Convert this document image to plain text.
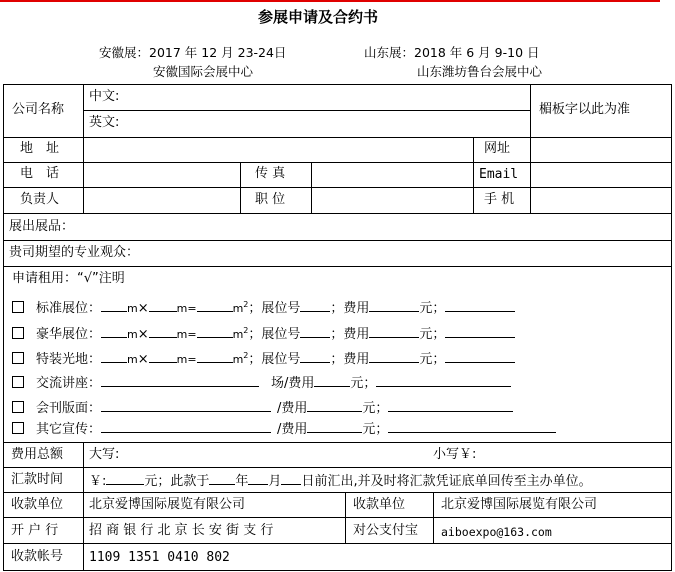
参展申请及合约书
安徽展：2017 年 12 月 23-24日
安徽国际会展中心
山东展：2018 年 6 月 9-10 日
山东潍坊鲁台会展中心
公司名称
中文:
英文:
楣板字以此为准
地　址	网址
电　话	传 真	Email
负责人	职 位	手 机
展出展品：
贵司期望的专业观众：
申请租用：“√”注明
标准展位： m×	m=	$m^2$；展位号 ；费用	元；
豪华展位： m×	m=	$m^2$；展位号 ；费用	元；
特装光地： m×	m=	$m^2$；展位号 ；费用	元；
交流讲座：	场/费用	元；
会刊版面：	/费用	元；
其它宣传：	/费用	元；
费用总额 大写:	小写￥:
汇款时间 ￥:	元；此款于 年 月 日前汇出,并及时将汇款凭证底单回传至主办单位。
收款单位 北京爱博国际展览有限公司	收款单位	北京爱博国际展览有限公司
开 户 行 招 商 银 行 北 京 长 安 街 支 行	对公支付宝 aiboexpo@163.com
收款帐号 1109 1351 0410 802
